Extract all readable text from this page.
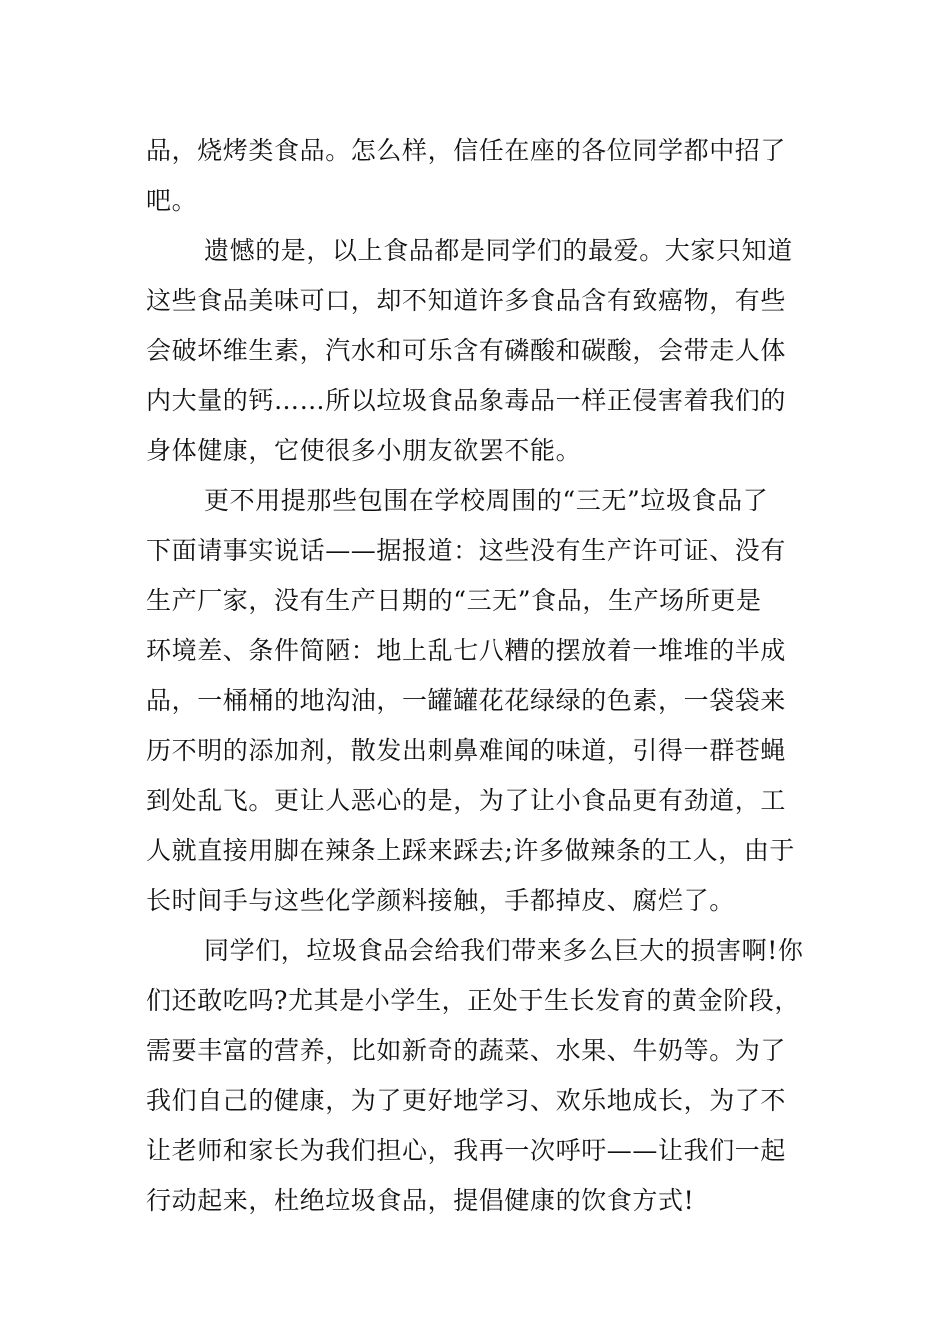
品，烧烤类食品。怎么样，信任在座的各位同学都中招了
吧。

遗憾的是，以上食品都是同学们的最爱。大家只知道
这些食品美味可口，却不知道许多食品含有致癌物，有些
会破坏维生素，汽水和可乐含有磷酸和碳酸，会带走人体
内大量的钙……所以垃圾食品象毒品一样正侵害着我们的
身体健康，它使很多小朋友欲罢不能。

更不用提那些包围在学校周围的“三无”垃圾食品了
下面请事实说话——据报道：这些没有生产许可证、没有
生产厂家，没有生产日期的“三无”食品，生产场所更是
环境差、条件简陋：地上乱七八糟的摆放着一堆堆的半成
品，一桶桶的地沟油，一罐罐花花绿绿的色素，一袋袋来
历不明的添加剂，散发出刺鼻难闻的味道，引得一群苍蝇
到处乱飞。更让人恶心的是，为了让小食品更有劲道，工
人就直接用脚在辣条上踩来踩去;许多做辣条的工人，由于
长时间手与这些化学颜料接触，手都掉皮、腐烂了。

同学们，垃圾食品会给我们带来多么巨大的损害啊!你
们还敢吃吗?尤其是小学生，正处于生长发育的黄金阶段，
需要丰富的营养，比如新奇的蔬菜、水果、牛奶等。为了
我们自己的健康，为了更好地学习、欢乐地成长，为了不
让老师和家长为我们担心，我再一次呼吁——让我们一起
行动起来，杜绝垃圾食品，提倡健康的饮食方式!
